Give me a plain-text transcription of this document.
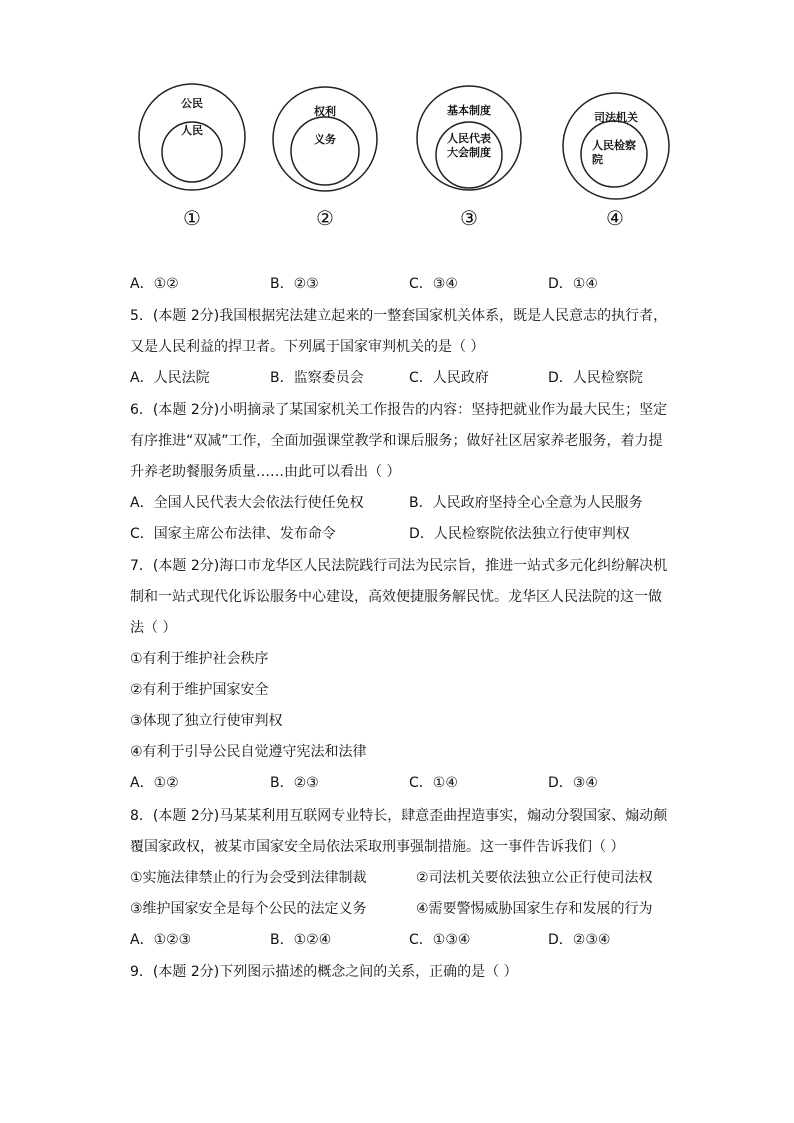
公民
人民
①
权利
义务
②
基本制度
人民代表
大会制度
③
司法机关
人民检察
院
④
A．①②	B．②③	C．③④	D．①④
5．(本题 2分)我国根据宪法建立起来的一整套国家机关体系，既是人民意志的执行者，
又是人民利益的捍卫者。下列属于国家审判机关的是（ ）
A．人民法院	B．监察委员会	C．人民政府	D．人民检察院
6．(本题 2分)小明摘录了某国家机关工作报告的内容：坚持把就业作为最大民生；坚定
有序推进“双减”工作，全面加强课堂教学和课后服务；做好社区居家养老服务，着力提
升养老助餐服务质量……由此可以看出（ ）
A．全国人民代表大会依法行使任免权	B．人民政府坚持全心全意为人民服务
C．国家主席公布法律、发布命令	D．人民检察院依法独立行使审判权
7．(本题 2分)海口市龙华区人民法院践行司法为民宗旨，推进一站式多元化纠纷解决机
制和一站式现代化诉讼服务中心建设，高效便捷服务解民忧。龙华区人民法院的这一做
法（ ）
①有利于维护社会秩序
②有利于维护国家安全
③体现了独立行使审判权
④有利于引导公民自觉遵守宪法和法律
A．①②	B．②③	C．①④	D．③④
8．(本题 2分)马某某利用互联网专业特长，肆意歪曲捏造事实，煽动分裂国家、煽动颠
覆国家政权，被某市国家安全局依法采取刑事强制措施。这一事件告诉我们（ ）
①实施法律禁止的行为会受到法律制裁	②司法机关要依法独立公正行使司法权
③维护国家安全是每个公民的法定义务	④需要警惕威胁国家生存和发展的行为
A．①②③	B．①②④	C．①③④	D．②③④
9．(本题 2分)下列图示描述的概念之间的关系，正确的是（ ）
